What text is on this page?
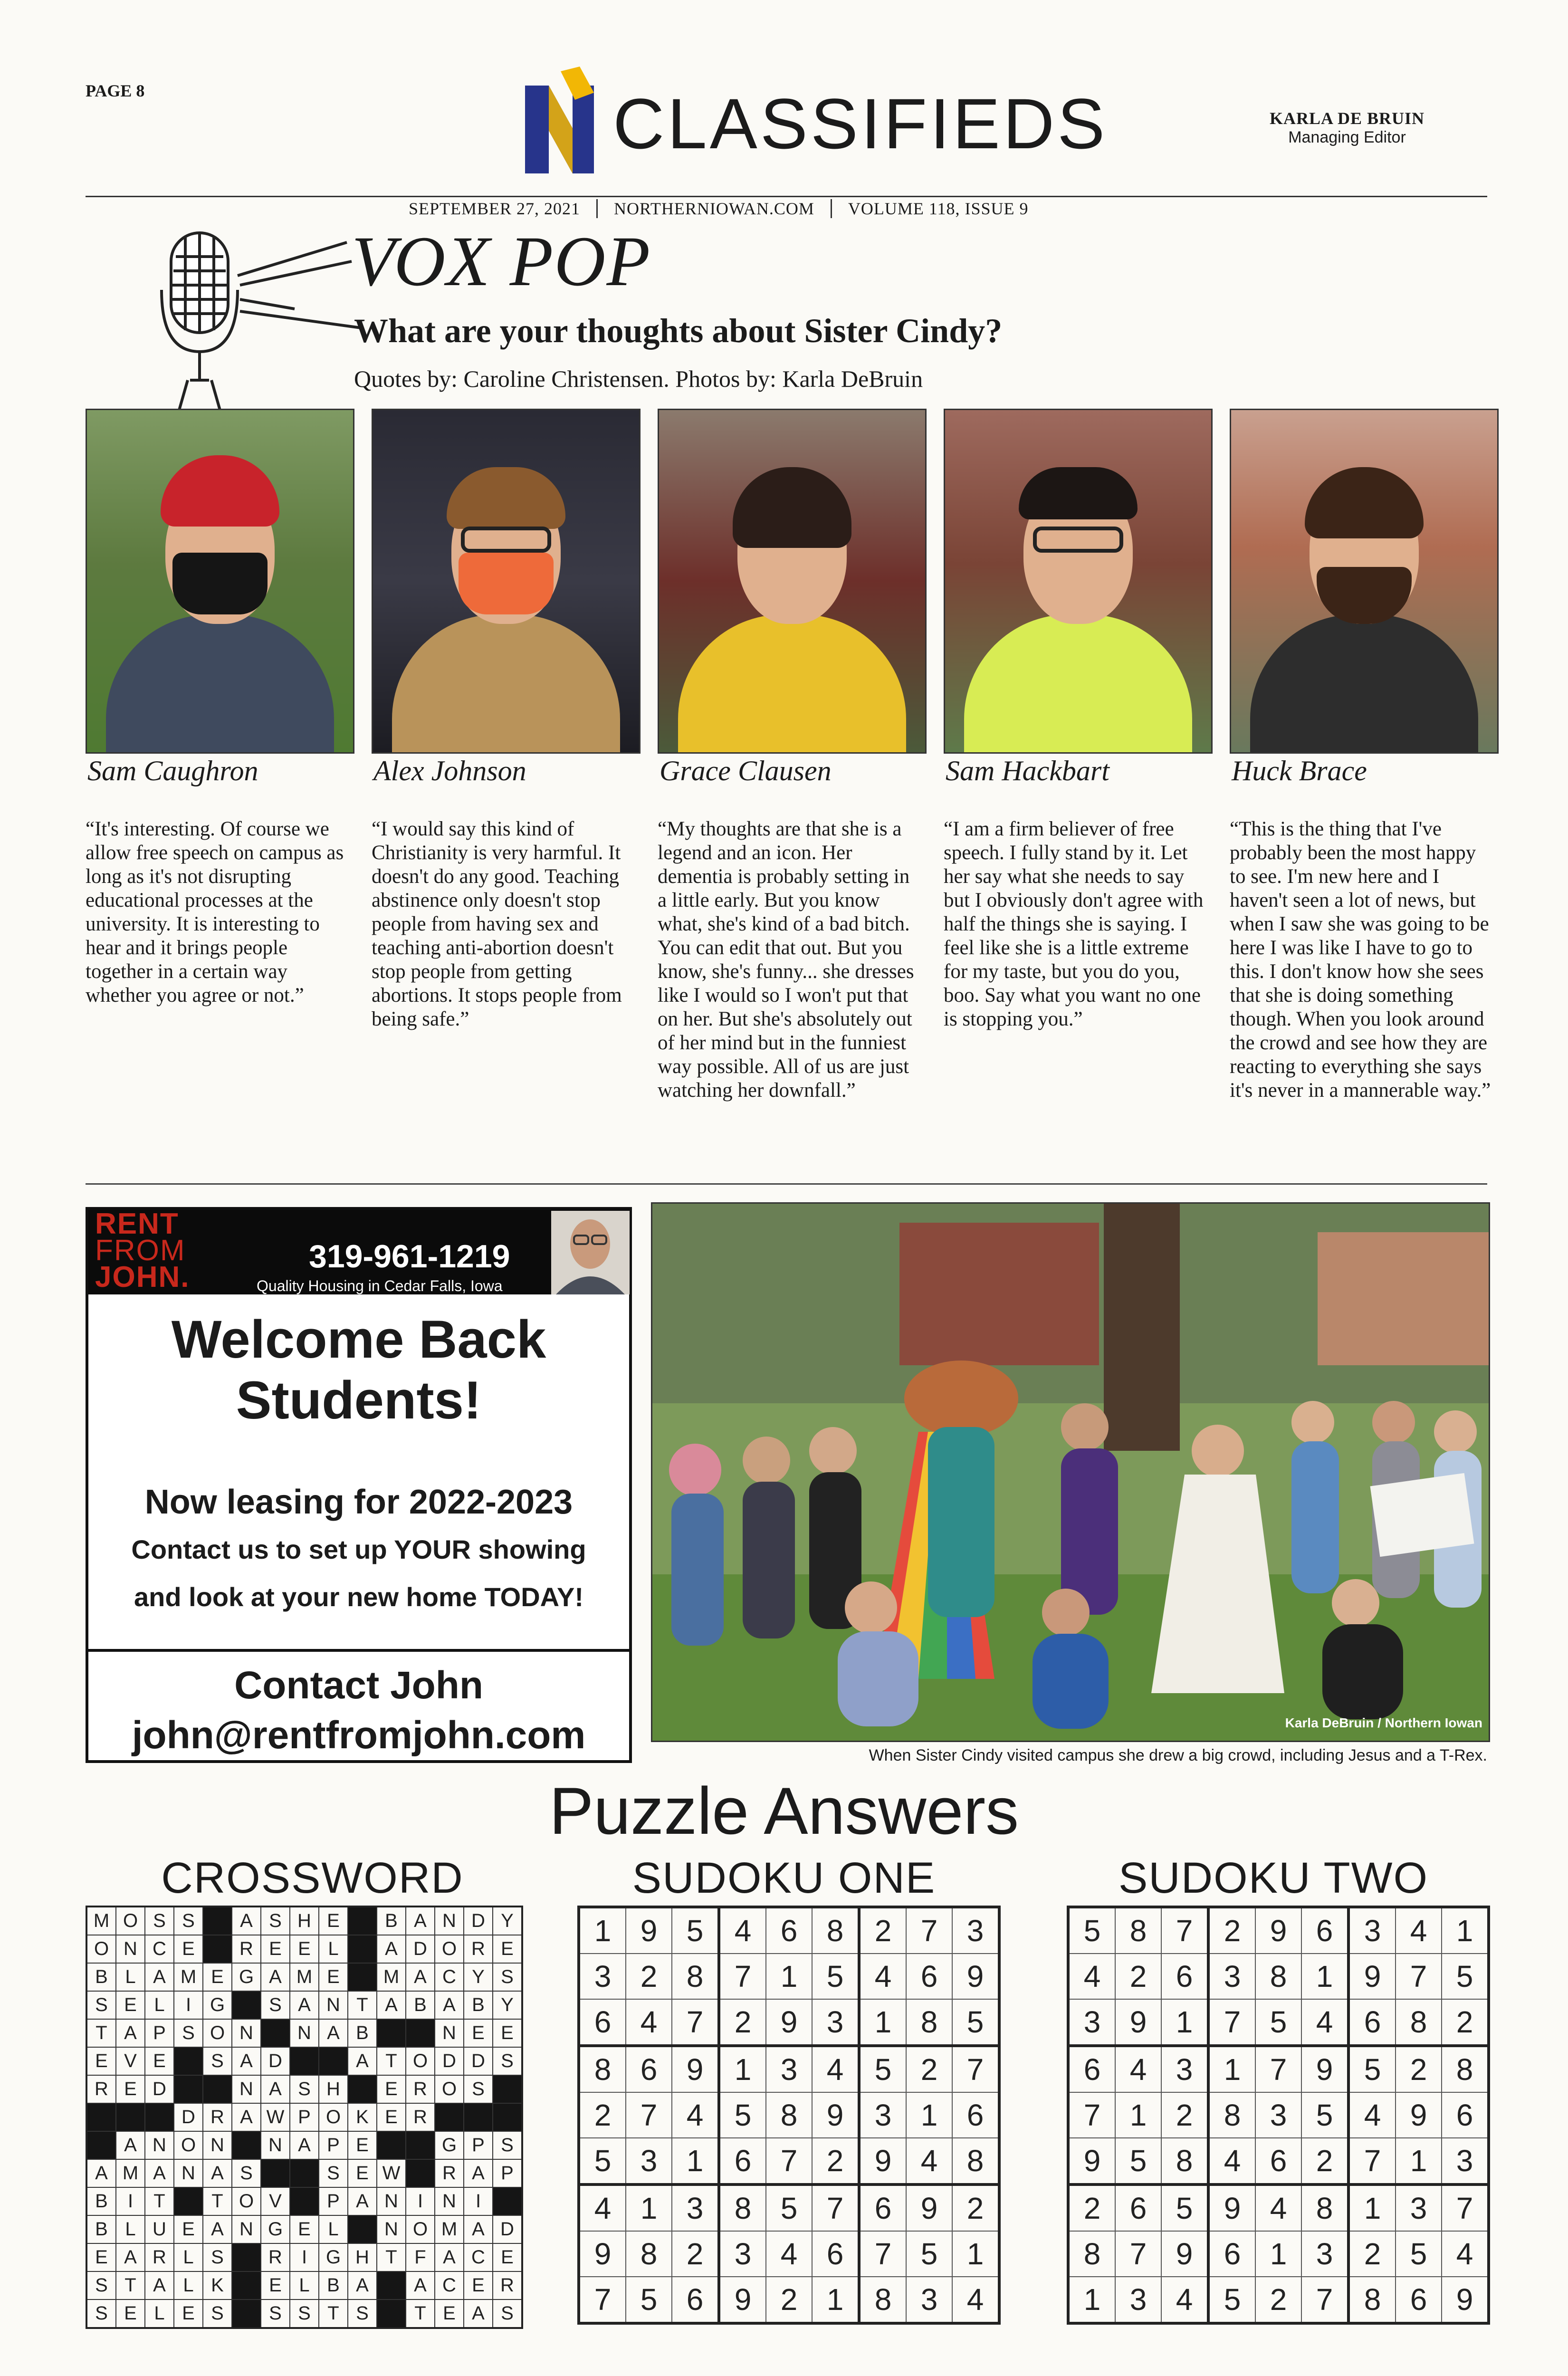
PAGE 8	CLASSIFIEDS	KARLA DE BRUIN
Managing Editor
SEPTEMBER 27, 2021 NORTHERNIOWAN.COM VOLUME 118, ISSUE 9
VOX POP
What are your thoughts about Sister Cindy?
Quotes by: Caroline Christensen. Photos by: Karla DeBruin
Sam Caughron	Alex Johnson	Grace Clausen	Sam Hackbart	Huck Brace
“It's interesting. Of course we allow free speech on campus as long as it's not disrupting educational processes at the university. It is interesting to hear and it brings people together in a certain way whether you agree or not.”
“I would say this kind of Christianity is very harmful. It doesn't do any good. Teaching abstinence only doesn't stop people from having sex and teaching anti-abortion doesn't stop people from getting abortions. It stops people from being safe.”
“My thoughts are that she is a legend and an icon. Her dementia is probably setting in a little early. But you know what, she's kind of a bad bitch. You can edit that out. But you know, she's funny... she dresses like I would so I won't put that on her. But she's absolutely out of her mind but in the funniest way possible. All of us are just watching her downfall.”
“I am a firm believer of free speech. I fully stand by it. Let her say what she needs to say but I obviously don't agree with half the things she is saying. I feel like she is a little extreme for my taste, but you do you, boo. Say what you want no one is stopping you.”
“This is the thing that I've probably been the most happy to see. I'm new here and I haven't seen a lot of news, but when I saw she was going to be here I was like I have to go to this. I don't know how she sees that she is doing something though. When you look around the crowd and see how they are reacting to everything she says it's never in a mannerable way.”
RENT
FROM
JOHN.
319-961-1219
Quality Housing in Cedar Falls, Iowa
Welcome Back
Students!
Now leasing for 2022-2023
Contact us to set up YOUR showing
and look at your new home TODAY!
Contact John
john@rentfromjohn.com	Karla DeBruin / Northern Iowan
When Sister Cindy visited campus she drew a big crowd, including Jesus and a T-Rex.
Puzzle Answers
CROSSWORD	SUDOKU ONE	SUDOKU TWO
M	O	S	S		A	S	H	E		B	A	N	D	Y
O	N	C	E		R	E	E	L		A	D	O	R	E
B	L	A	M	E	G	A	M	E		M	A	C	Y	S
S	E	L	I	G		S	A	N	T	A	B	A	B	Y
T	A	P	S	O	N		N	A	B			N	E	E
E	V	E		S	A	D			A	T	O	D	D	S
R	E	D			N	A	S	H		E	R	O	S	
			D	R	A	W	P	O	K	E	R			
	A	N	O	N		N	A	P	E			G	P	S
A	M	A	N	A	S			S	E	W		R	A	P
B	I	T		T	O	V		P	A	N	I	N	I	
B	L	U	E	A	N	G	E	L		N	O	M	A	D
E	A	R	L	S		R	I	G	H	T	F	A	C	E
S	T	A	L	K		E	L	B	A		A	C	E	R
S	E	L	E	S		S	S	T	S		T	E	A	S
1	9	5	4	6	8	2	7	3
3	2	8	7	1	5	4	6	9
6	4	7	2	9	3	1	8	5
8	6	9	1	3	4	5	2	7
2	7	4	5	8	9	3	1	6
5	3	1	6	7	2	9	4	8
4	1	3	8	5	7	6	9	2
9	8	2	3	4	6	7	5	1
7	5	6	9	2	1	8	3	4
5	8	7	2	9	6	3	4	1
4	2	6	3	8	1	9	7	5
3	9	1	7	5	4	6	8	2
6	4	3	1	7	9	5	2	8
7	1	2	8	3	5	4	9	6
9	5	8	4	6	2	7	1	3
2	6	5	9	4	8	1	3	7
8	7	9	6	1	3	2	5	4
1	3	4	5	2	7	8	6	9
